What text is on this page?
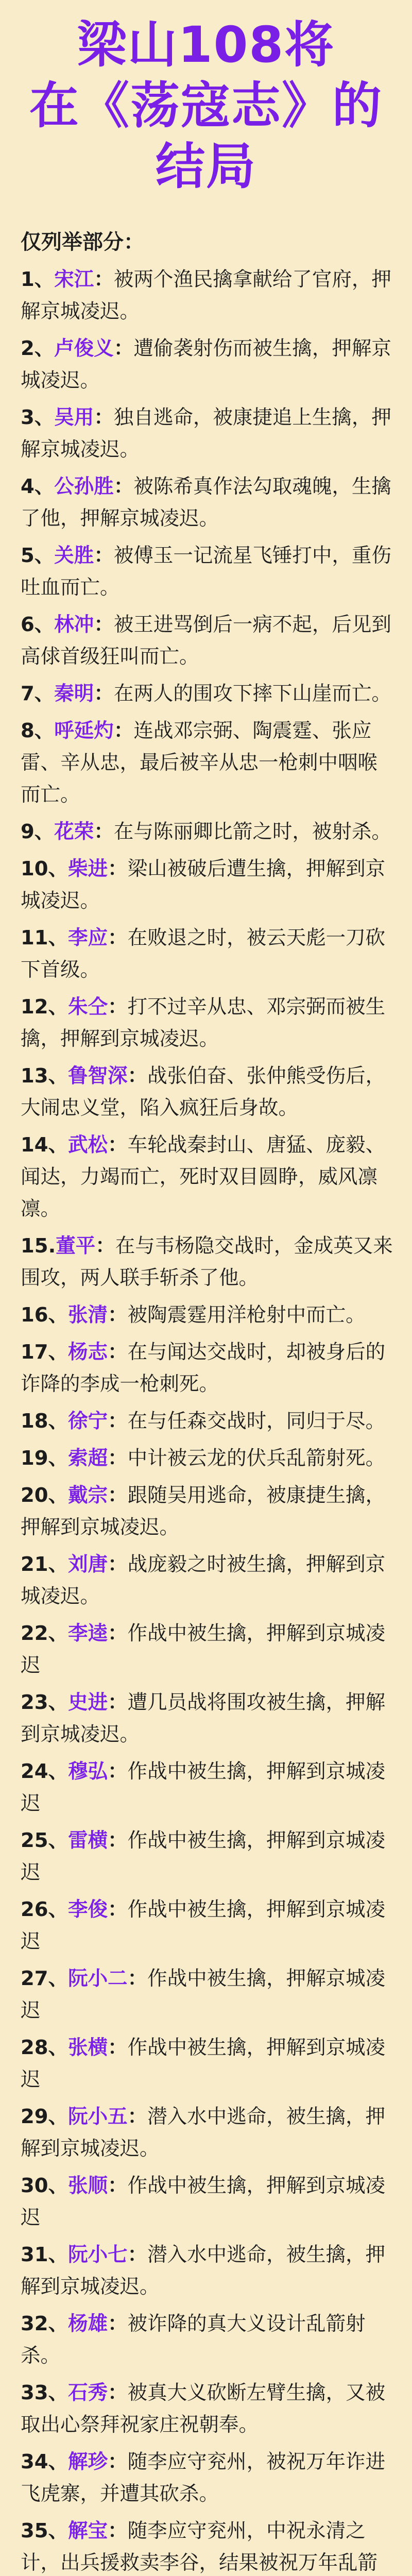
梁山108将
在《荡寇志》的
结局
仅列举部分：
1、宋江：被两个渔民擒拿献给了官府，押解京城凌迟。
2、卢俊义：遭偷袭射伤而被生擒，押解京城凌迟。
3、吴用：独自逃命，被康捷追上生擒，押解京城凌迟。
4、公孙胜：被陈希真作法勾取魂魄，生擒了他，押解京城凌迟。
5、关胜：被傅玉一记流星飞锤打中，重伤吐血而亡。
6、林冲：被王进骂倒后一病不起，后见到高俅首级狂叫而亡。
7、秦明：在两人的围攻下摔下山崖而亡。
8、呼延灼：连战邓宗弼、陶震霆、张应雷、辛从忠，最后被辛从忠一枪刺中咽喉而亡。
9、花荣：在与陈丽卿比箭之时，被射杀。
10、柴进：梁山被破后遭生擒，押解到京城凌迟。
11、李应：在败退之时，被云天彪一刀砍下首级。
12、朱仝：打不过辛从忠、邓宗弼而被生擒，押解到京城凌迟。
13、鲁智深：战张伯奋、张仲熊受伤后，大闹忠义堂，陷入疯狂后身故。
14、武松：车轮战秦封山、唐猛、庞毅、闻达，力竭而亡，死时双目圆睁，威风凛凛。
15.董平：在与韦杨隐交战时，金成英又来围攻，两人联手斩杀了他。
16、张清：被陶震霆用洋枪射中而亡。
17、杨志：在与闻达交战时，却被身后的诈降的李成一枪刺死。
18、徐宁：在与任森交战时，同归于尽。
19、索超：中计被云龙的伏兵乱箭射死。
20、戴宗：跟随吴用逃命，被康捷生擒，押解到京城凌迟。
21、刘唐：战庞毅之时被生擒，押解到京城凌迟。
22、李逵：作战中被生擒，押解到京城凌迟
23、史进：遭几员战将围攻被生擒，押解到京城凌迟。
24、穆弘：作战中被生擒，押解到京城凌迟
25、雷横：作战中被生擒，押解到京城凌迟
26、李俊：作战中被生擒，押解到京城凌迟
27、阮小二：作战中被生擒，押解京城凌迟
28、张横：作战中被生擒，押解到京城凌迟
29、阮小五：潜入水中逃命，被生擒，押解到京城凌迟。
30、张顺：作战中被生擒，押解到京城凌迟
31、阮小七：潜入水中逃命，被生擒，押解到京城凌迟。
32、杨雄：被诈降的真大义设计乱箭射杀。
33、石秀：被真大义砍断左臂生擒，又被取出心祭拜祝家庄祝朝奉。
34、解珍：随李应守兖州，被祝万年诈进飞虎寨，并遭其砍杀。
35、解宝：随李应守兖州，中祝永清之计，出兵援救卖李谷，结果被祝万年乱箭
